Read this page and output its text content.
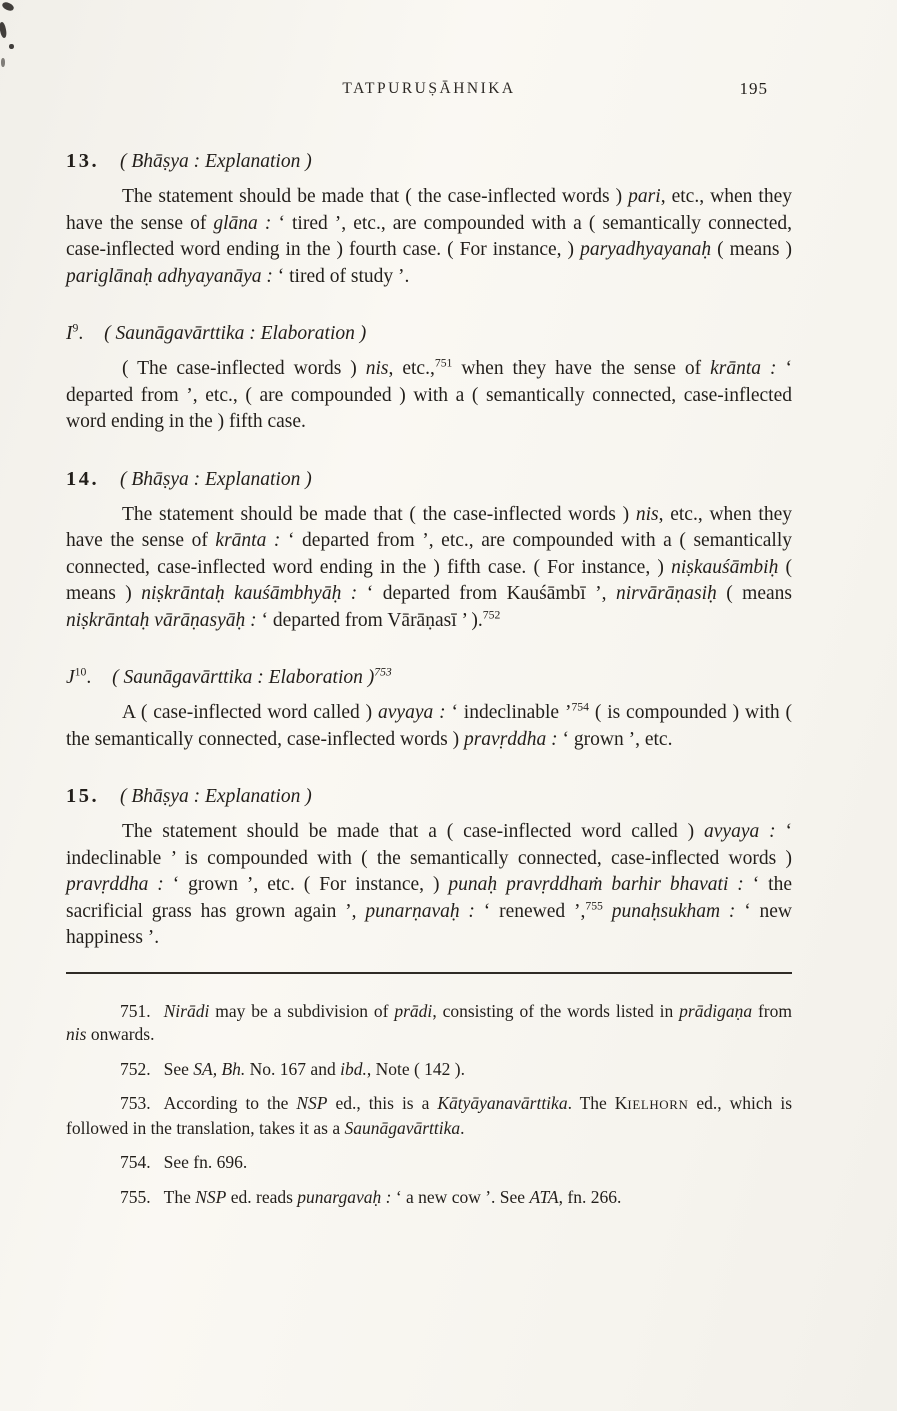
TATPURUṢĀHNIKA	195
13. ( Bhāṣya : Explanation )

The statement should be made that ( the case-inflected words ) pari, etc., when they have the sense of glāna : ‘ tired ’, etc., are compounded with a ( semantically connected, case-inflected word ending in the ) fourth case. ( For instance, ) paryadhyayanaḥ ( means ) pariglānaḥ adhyayanāya : ‘ tired of study ’.

$I^9$. ( Saunāgavārttika : Elaboration )

( The case-inflected words ) nis, etc.,$^{751}$ when they have the sense of krānta : ‘ departed from ’, etc., ( are compounded ) with a ( semantically connected, case-inflected word ending in the ) fifth case.

14. ( Bhāṣya : Explanation )

The statement should be made that ( the case-inflected words ) nis, etc., when they have the sense of krānta : ‘ departed from ’, etc., are compounded with a ( semantically connected, case-inflected word ending in the ) fifth case. ( For instance, ) niṣkauśāmbiḥ ( means ) niṣkrāntaḥ kauśāmbhyāḥ : ‘ departed from Kauśāmbī ’, nirvārāṇasiḥ ( means niṣkrāntaḥ vārāṇasyāḥ : ‘ departed from Vārāṇasī ’ ).$^{752}$

$J^{10}$. ( Saunāgavārttika : Elaboration )$^{753}$

A ( case-inflected word called ) avyaya : ‘ indeclinable ’$^{754}$ ( is compounded ) with ( the semantically connected, case-inflected words ) pravṛddha : ‘ grown ’, etc.

15. ( Bhāṣya : Explanation )

The statement should be made that a ( case-inflected word called ) avyaya : ‘ indeclinable ’ is compounded with ( the semantically connected, case-inflected words ) pravṛddha : ‘ grown ’, etc. ( For instance, ) punaḥ pravṛddhaṁ barhir bhavati : ‘ the sacrificial grass has grown again ’, punarṇavaḥ : ‘ renewed ’,$^{755}$ punaḥsukham : ‘ new happiness ’.

751. Nirādi may be a subdivision of prādi, consisting of the words listed in prādigaṇa from nis onwards.

752. See SA, Bh. No. 167 and ibd., Note ( 142 ).

753. According to the NSP ed., this is a Kātyāyanavārttika. The KIELHORN ed., which is followed in the translation, takes it as a Saunāgavārttika.

754. See fn. 696.

755. The NSP ed. reads punargavaḥ : ‘ a new cow ’. See ATA, fn. 266.
